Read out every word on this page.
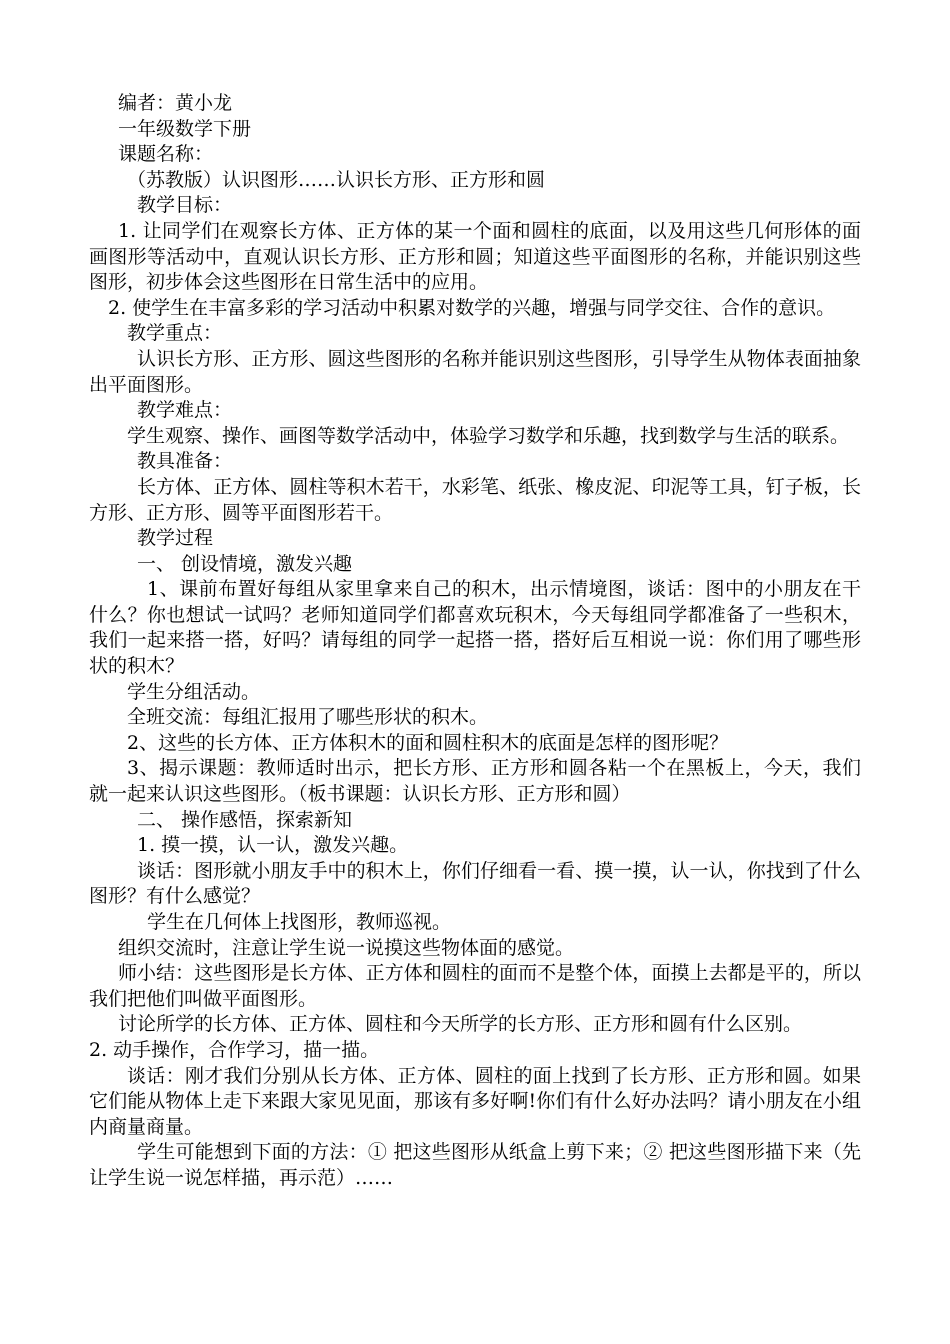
编者：黄小龙

一年级数学下册

课题名称：

（苏教版）认识图形……认识长方形、正方形和圆

教学目标：

1. 让同学们在观察长方体、正方体的某一个面和圆柱的底面，以及用这些几何形体的面画图形等活动中，直观认识长方形、正方形和圆；知道这些平面图形的名称，并能识别这些图形，初步体会这些图形在日常生活中的应用。

2. 使学生在丰富多彩的学习活动中积累对数学的兴趣，增强与同学交往、合作的意识。

教学重点：

认识长方形、正方形、圆这些图形的名称并能识别这些图形，引导学生从物体表面抽象出平面图形。

教学难点：

学生观察、操作、画图等数学活动中，体验学习数学和乐趣，找到数学与生活的联系。

教具准备：

长方体、正方体、圆柱等积木若干，水彩笔、纸张、橡皮泥、印泥等工具，钉子板，长方形、正方形、圆等平面图形若干。

教学过程

一、 创设情境，激发兴趣

1、课前布置好每组从家里拿来自己的积木，出示情境图，谈话：图中的小朋友在干什么？你也想试一试吗？老师知道同学们都喜欢玩积木，今天每组同学都准备了一些积木，我们一起来搭一搭，好吗？请每组的同学一起搭一搭，搭好后互相说一说：你们用了哪些形状的积木？

学生分组活动。

全班交流：每组汇报用了哪些形状的积木。

2、这些的长方体、正方体积木的面和圆柱积木的底面是怎样的图形呢？

3、揭示课题：教师适时出示，把长方形、正方形和圆各粘一个在黑板上，今天，我们就一起来认识这些图形。（板书课题：认识长方形、正方形和圆）

二、 操作感悟，探索新知

1. 摸一摸，认一认，激发兴趣。

谈话：图形就小朋友手中的积木上，你们仔细看一看、摸一摸，认一认，你找到了什么图形？有什么感觉？

学生在几何体上找图形，教师巡视。

组织交流时，注意让学生说一说摸这些物体面的感觉。

师小结：这些图形是长方体、正方体和圆柱的面而不是整个体，面摸上去都是平的，所以我们把他们叫做平面图形。

讨论所学的长方体、正方体、圆柱和今天所学的长方形、正方形和圆有什么区别。

2. 动手操作，合作学习，描一描。

谈话：刚才我们分别从长方体、正方体、圆柱的面上找到了长方形、正方形和圆。如果它们能从物体上走下来跟大家见见面，那该有多好啊!你们有什么好办法吗？请小朋友在小组内商量商量。

学生可能想到下面的方法：① 把这些图形从纸盒上剪下来；② 把这些图形描下来（先让学生说一说怎样描，再示范）……
